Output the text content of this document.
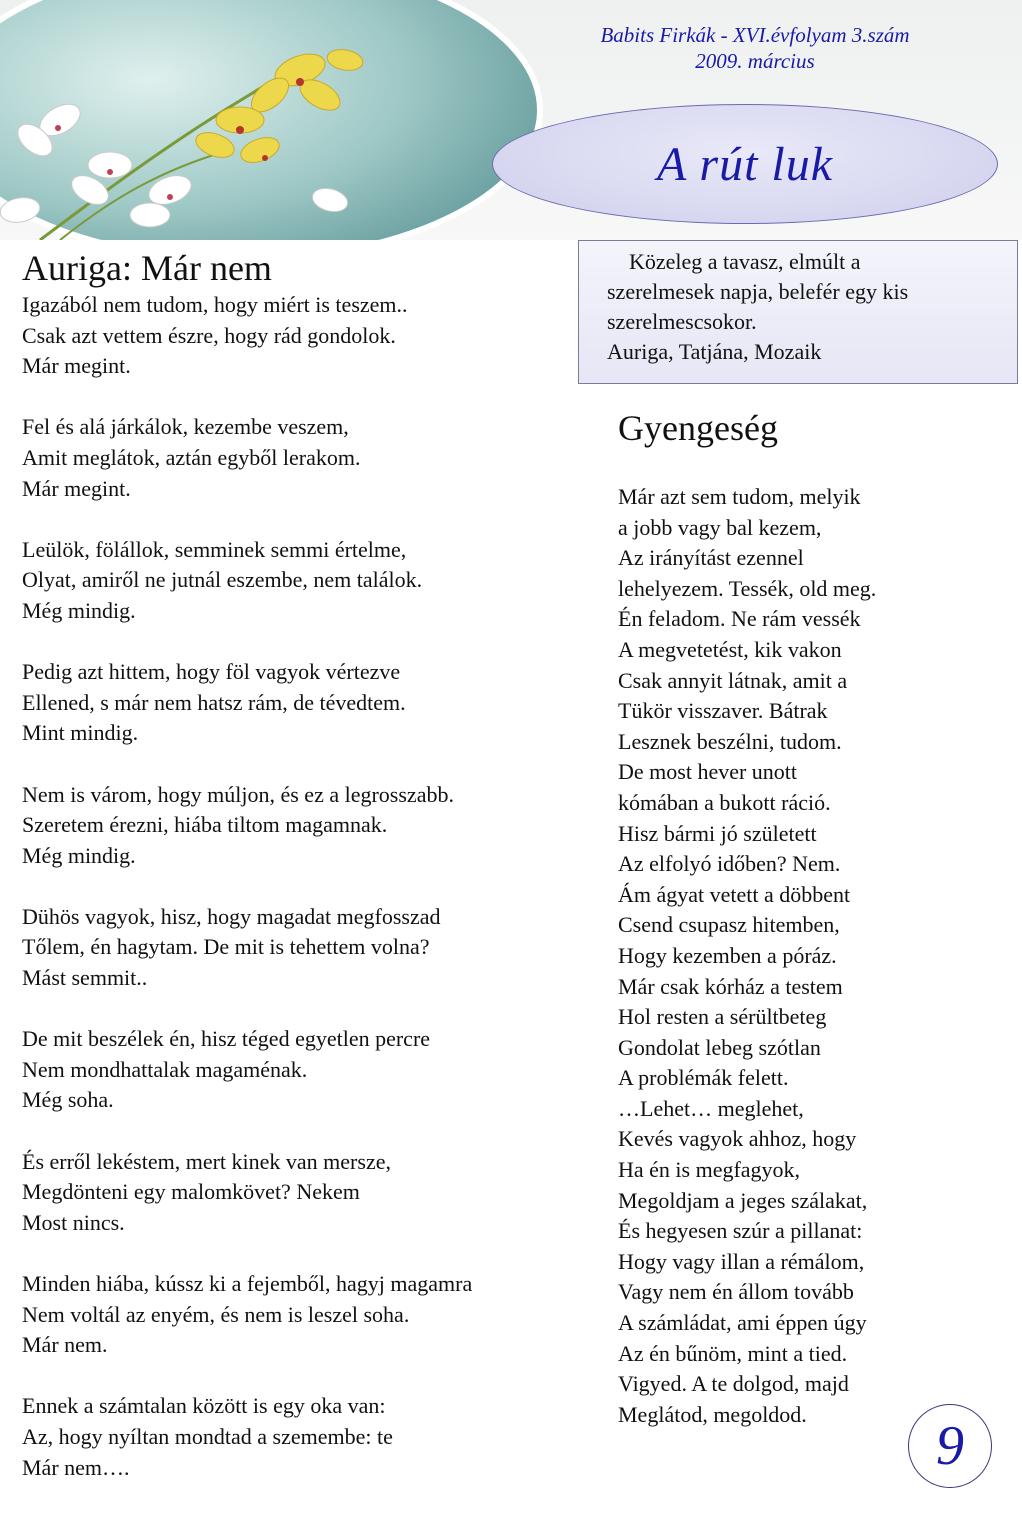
Babits Firkák - XVI.évfolyam 3.szám
2009. március
A rút luk
Közeleg a tavasz, elmúlt a
szerelmesek napja, belefér egy kis
szerelmescsokor.
Auriga, Tatjána, Mozaik
Auriga: Már nem
Igazából nem tudom, hogy miért is teszem..
Csak azt vettem észre, hogy rád gondolok.
Már megint.
Fel és alá járkálok, kezembe veszem,
Amit meglátok, aztán egyből lerakom.
Már megint.
Leülök, fölállok, semminek semmi értelme,
Olyat, amiről ne jutnál eszembe, nem találok.
Még mindig.
Pedig azt hittem, hogy föl vagyok vértezve
Ellened, s már nem hatsz rám, de tévedtem.
Mint mindig.
Nem is várom, hogy múljon, és ez a legrosszabb.
Szeretem érezni, hiába tiltom magamnak.
Még mindig.
Dühös vagyok, hisz, hogy magadat megfosszad
Tőlem, én hagytam. De mit is tehettem volna?
Mást semmit..
De mit beszélek én, hisz téged egyetlen percre
Nem mondhattalak magaménak.
Még soha.
És erről lekéstem, mert kinek van mersze,
Megdönteni egy malomkövet? Nekem
Most nincs.
Minden hiába, kússz ki a fejemből, hagyj magamra
Nem voltál az enyém, és nem is leszel soha.
Már nem.
Ennek a számtalan között is egy oka van:
Az, hogy nyíltan mondtad a szemembe: te
Már nem….
Gyengeség
Már azt sem tudom, melyik
a jobb vagy bal kezem,
Az irányítást ezennel
lehelyezem. Tessék, old meg.
Én feladom. Ne rám vessék
A megvetetést, kik vakon
Csak annyit látnak, amit a
Tükör visszaver. Bátrak
Lesznek beszélni, tudom.
De most hever unott
kómában a bukott ráció.
Hisz bármi jó született
Az elfolyó időben? Nem.
Ám ágyat vetett a döbbent
Csend csupasz hitemben,
Hogy kezemben a póráz.
Már csak kórház a testem
Hol resten a sérültbeteg
Gondolat lebeg szótlan
A problémák felett.
…Lehet… meglehet,
Kevés vagyok ahhoz, hogy
Ha én is megfagyok,
Megoldjam a jeges szálakat,
És hegyesen szúr a pillanat:
Hogy vagy illan a rémálom,
Vagy nem én állom tovább
A számládat, ami éppen úgy
Az én bűnöm, mint a tied.
Vigyed. A te dolgod, majd
Meglátod, megoldod.
9
